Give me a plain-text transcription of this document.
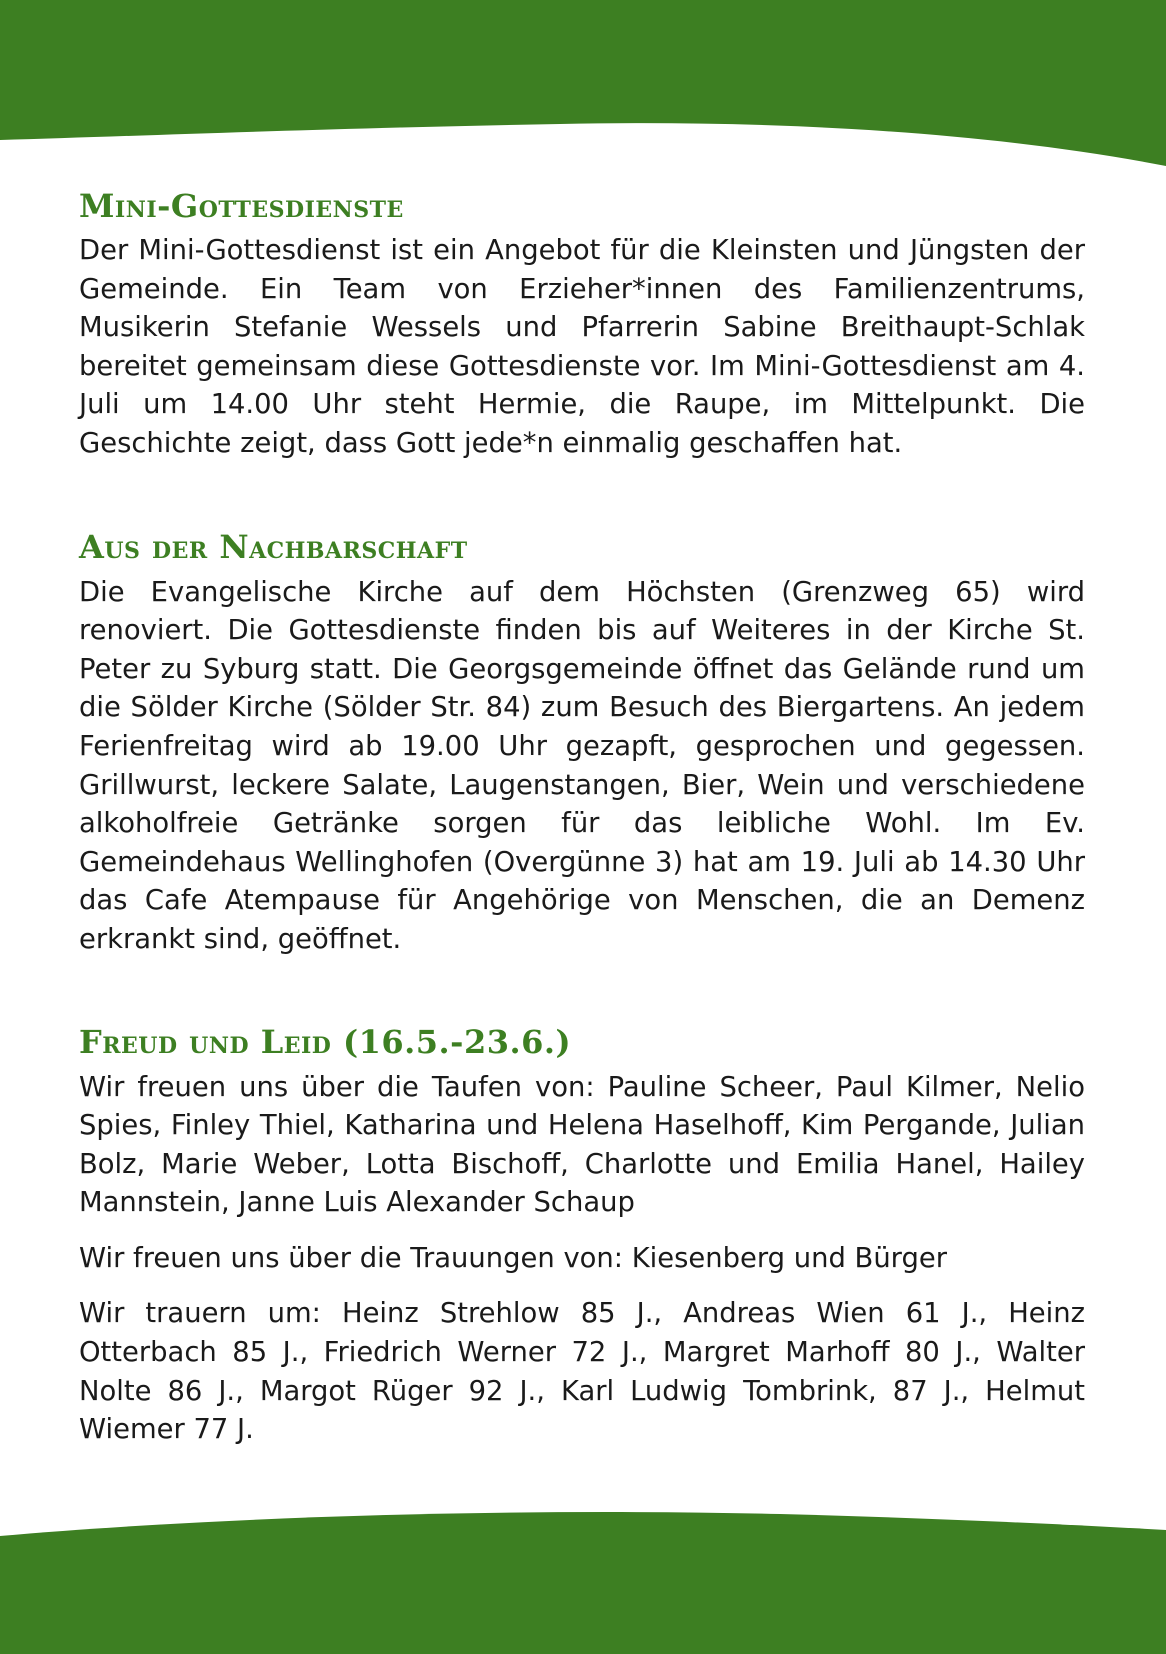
Mini-Gottesdienste

Der Mini-Gottesdienst ist ein Angebot für die Kleinsten und Jüngsten der Gemeinde. Ein Team von Erzieher*innen des Familienzentrums, Musikerin Stefanie Wessels und Pfarrerin Sabine Breithaupt-Schlak bereitet gemeinsam diese Gottesdienste vor. Im Mini-Gottesdienst am 4. Juli um 14.00 Uhr steht Hermie, die Raupe, im Mittelpunkt. Die Geschichte zeigt, dass Gott jede*n einmalig geschaffen hat.

Aus der Nachbarschaft

Die Evangelische Kirche auf dem Höchsten (Grenzweg 65) wird renoviert. Die Gottesdienste finden bis auf Weiteres in der Kirche St. Peter zu Syburg statt. Die Georgsgemeinde öffnet das Gelände rund um die Sölder Kirche (Sölder Str. 84) zum Besuch des Biergartens. An jedem Ferienfreitag wird ab 19.00 Uhr gezapft, gesprochen und gegessen. Grillwurst, leckere Salate, Laugenstangen, Bier, Wein und verschiedene alkoholfreie Getränke sorgen für das leibliche Wohl. Im Ev. Gemeindehaus Wellinghofen (Overgünne 3) hat am 19. Juli ab 14.30 Uhr das Cafe Atempause für Angehörige von Menschen, die an Demenz erkrankt sind, geöffnet.

Freud und Leid (16.5.-23.6.)

Wir freuen uns über die Taufen von: Pauline Scheer, Paul Kilmer, Nelio Spies, Finley Thiel, Katharina und Helena Haselhoff, Kim Pergande, Julian Bolz, Marie Weber, Lotta Bischoff, Charlotte und Emilia Hanel, Hailey Mannstein, Janne Luis Alexander Schaup

Wir freuen uns über die Trauungen von: Kiesenberg und Bürger

Wir trauern um: Heinz Strehlow 85 J., Andreas Wien 61 J., Heinz Otterbach 85 J., Friedrich Werner 72 J., Margret Marhoff 80 J., Walter Nolte 86 J., Margot Rüger 92 J., Karl Ludwig Tombrink, 87 J., Helmut Wiemer 77 J.
